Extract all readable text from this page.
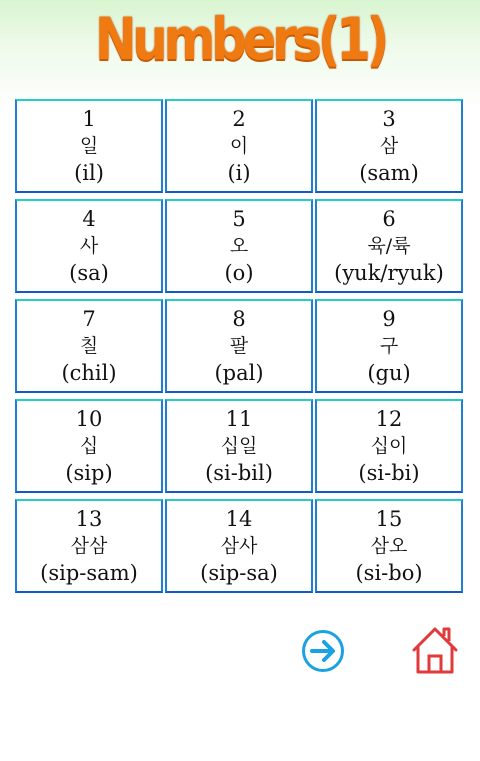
Numbers(1)
1
일
(il)
2
이
(i)
3
삼
(sam)
4
사
(sa)
5
오
(o)
6
육/륙
(yuk/ryuk)
7
칠
(chil)
8
팔
(pal)
9
구
(gu)
10
십
(sip)
11
십일
(si-bil)
12
십이
(si-bi)
13
삼삼
(sip-sam)
14
삼사
(sip-sa)
15
삼오
(si-bo)
